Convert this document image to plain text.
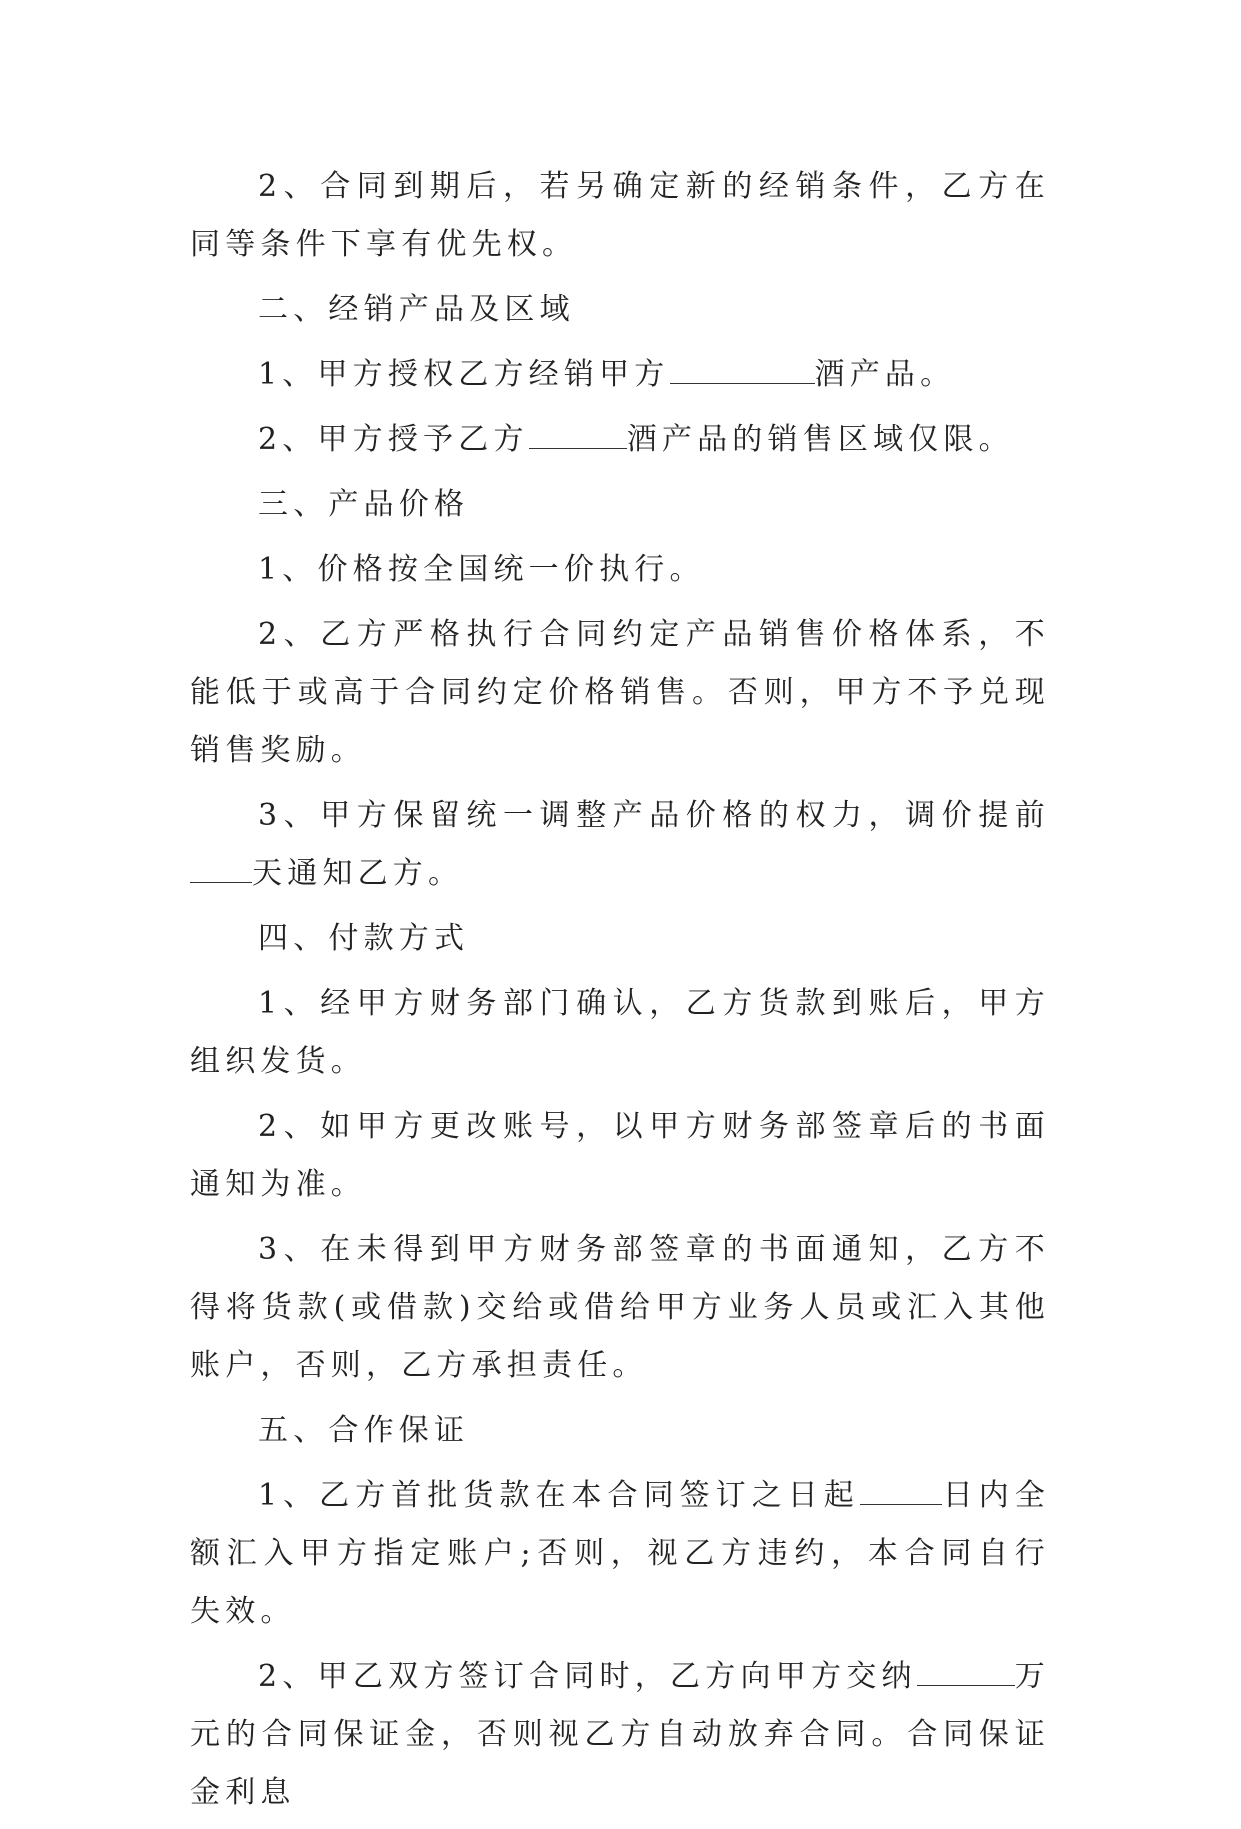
2、合同到期后，若另确定新的经销条件，乙方在同等条件下享有优先权。

二、经销产品及区域

1、甲方授权乙方经销甲方	酒产品。

2、甲方授予乙方	酒产品的销售区域仅限。

三、产品价格

1、价格按全国统一价执行。

2、乙方严格执行合同约定产品销售价格体系，不能低于或高于合同约定价格销售。否则，甲方不予兑现销售奖励。

3、甲方保留统一调整产品价格的权力，调价提前天通知乙方。

四、付款方式

1、经甲方财务部门确认，乙方货款到账后，甲方组织发货。

2、如甲方更改账号，以甲方财务部签章后的书面通知为准。

3、在未得到甲方财务部签章的书面通知，乙方不得将货款(或借款)交给或借给甲方业务人员或汇入其他账户，否则，乙方承担责任。

五、合作保证

1、乙方首批货款在本合同签订之日起	日内全额汇入甲方指定账户;否则，视乙方违约，本合同自行失效。

2、甲乙双方签订合同时，乙方向甲方交纳	万元的合同保证金，否则视乙方自动放弃合同。合同保证金利息
